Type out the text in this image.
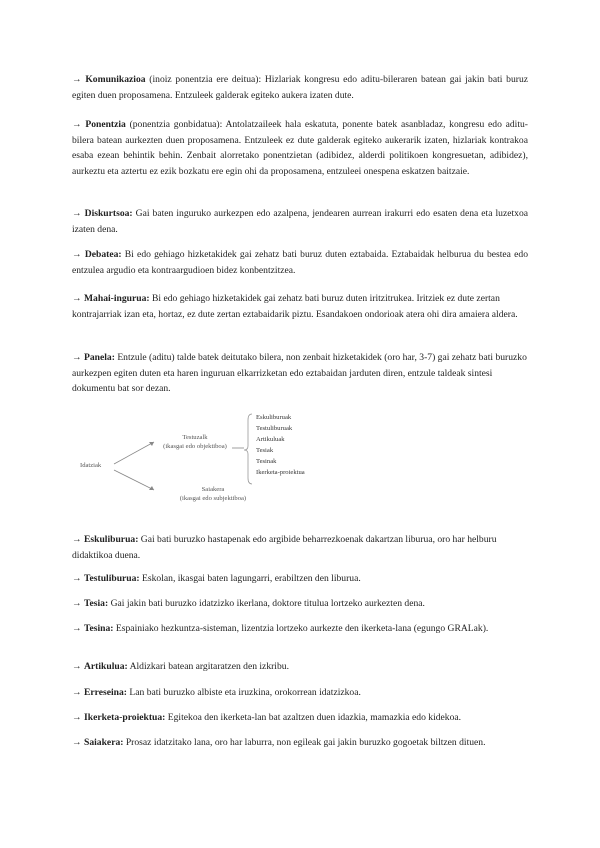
→ Komunikazioa (inoiz ponentzia ere deitua): Hizlariak kongresu edo aditu-bileraren batean gai jakin bati buruz egiten duen proposamena. Entzuleek galderak egiteko aukera izaten dute.

→ Ponentzia (ponentzia gonbidatua): Antolatzaileek hala eskatuta, ponente batek asanbladaz, kongresu edo aditu-bilera batean aurkezten duen proposamena. Entzuleek ez dute galderak egiteko aukerarik izaten, hizlariak kontrakoa esaba ezean behintik behin. Zenbait alorretako ponentzietan (adibidez, alderdi politikoen kongresuetan, adibidez), aurkeztu eta aztertu ez ezik bozkatu ere egin ohi da proposamena, entzuleei onespena eskatzen baitzaie.

→ Diskurtsoa: Gai baten inguruko aurkezpen edo azalpena, jendearen aurrean irakurri edo esaten dena eta luzetxoa izaten dena.

→ Debatea: Bi edo gehiago hizketakidek gai zehatz bati buruz duten eztabaida. Eztabaidak helburua du bestea edo entzulea argudio eta kontraargudioen bidez konbentzitzea.

→ Mahai-ingurua: Bi edo gehiago hizketakidek gai zehatz bati buruz duten iritzitrukea. Iritziek ez dute zertan kontrajarriak izan eta, hortaz, ez dute zertan eztabaidarik piztu. Esandakoen ondorioak atera ohi dira amaiera aldera.

→ Panela: Entzule (aditu) talde batek deitutako bilera, non zenbait hizketakidek (oro har, 3-7) gai zehatz bati buruzko aurkezpen egiten duten eta haren inguruan elkarrizketan edo eztabaidan jarduten diren, entzule taldeak sintesi dokumentu bat sor dezan.

Idatziak
Testuzalk
(ikasgai edo objektiboa)
Saiakera
(ikasgai edo subjektiboa)
Eskuliburuak
Testuliburuak
Artikuluak
Tesiak
Tesinak
Ikerketa-proiektua

→ Eskuliburua: Gai bati buruzko hastapenak edo argibide beharrezkoenak dakartzan liburua, oro har helburu didaktikoa duena.

→ Testuliburua: Eskolan, ikasgai baten lagungarri, erabiltzen den liburua.

→ Tesia: Gai jakin bati buruzko idatzizko ikerlana, doktore titulua lortzeko aurkezten dena.

→ Tesina: Espainiako hezkuntza-sisteman, lizentzia lortzeko aurkezte den ikerketa-lana (egungo GRALak).

→ Artikulua: Aldizkari batean argitaratzen den izkribu.

→ Erreseina: Lan bati buruzko albiste eta iruzkina, orokorrean idatzizkoa.

→ Ikerketa-proiektua: Egitekoa den ikerketa-lan bat azaltzen duen idazkia, mamazkia edo kidekoa.

→ Saiakera: Prosaz idatzitako lana, oro har laburra, non egileak gai jakin buruzko gogoetak biltzen dituen.
